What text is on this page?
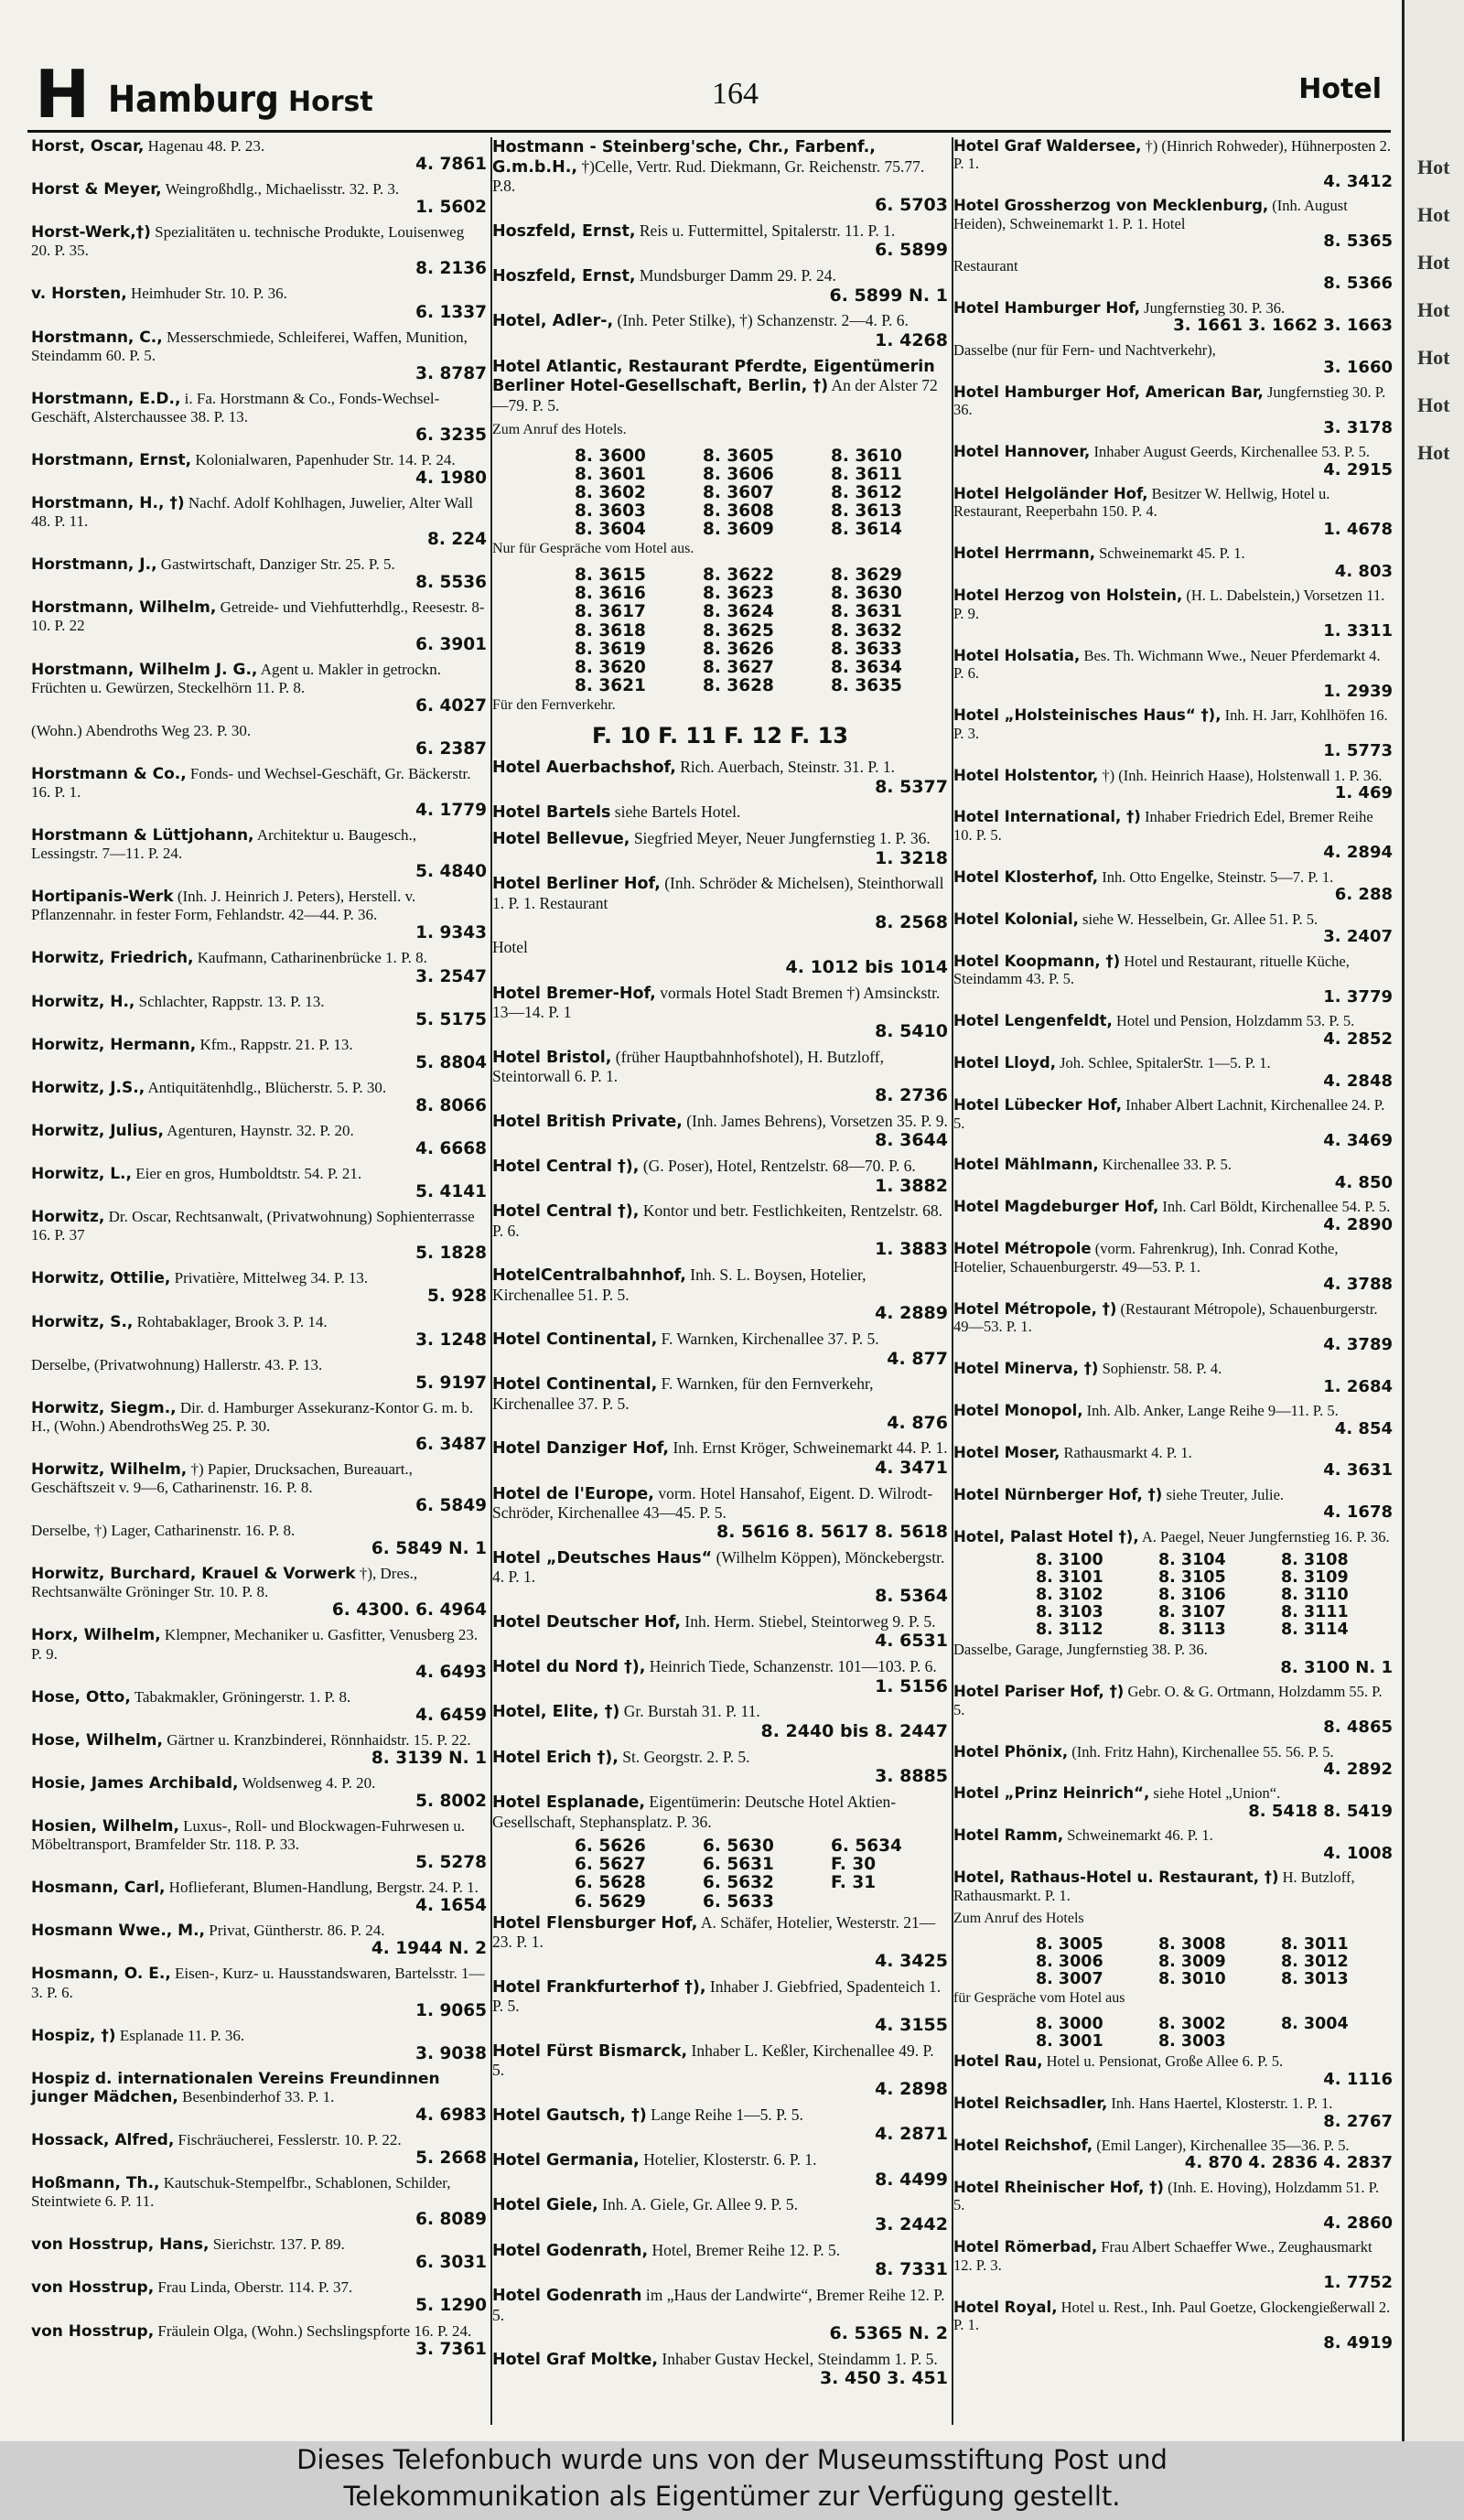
H Hamburg Horst	164	Hotel
Horst, Oscar, Hagenau 48. P. 23.
4. 7861
Horst & Meyer, Weingroßhdlg., Michaelisstr. 32. P. 3.
1. 5602
Horst-Werk,†) Spezialitäten u. technische Produkte, Louisenweg 20. P. 35.
8. 2136
v. Horsten, Heimhuder Str. 10. P. 36.
6. 1337
Horstmann, C., Messerschmiede, Schleiferei, Waffen, Munition, Steindamm 60. P. 5.
3. 8787
Horstmann, E.D., i. Fa. Horstmann & Co., Fonds-Wechsel-Geschäft, Alsterchaussee 38. P. 13.
6. 3235
Horstmann, Ernst, Kolonialwaren, Papenhuder Str. 14. P. 24.
4. 1980
Horstmann, H., †) Nachf. Adolf Kohlhagen, Juwelier, Alter Wall 48. P. 11.
8. 224
Horstmann, J., Gastwirtschaft, Danziger Str. 25. P. 5.
8. 5536
Horstmann, Wilhelm, Getreide- und Viehfutterhdlg., Reesestr. 8-10. P. 22
6. 3901
Horstmann, Wilhelm J. G., Agent u. Makler in getrockn. Früchten u. Gewürzen, Steckelhörn 11. P. 8.
6. 4027
(Wohn.) Abendroths Weg 23. P. 30.
6. 2387
Horstmann & Co., Fonds- und Wechsel-Geschäft, Gr. Bäckerstr. 16. P. 1.
4. 1779
Horstmann & Lüttjohann, Architektur u. Baugesch., Lessingstr. 7—11. P. 24.
5. 4840
Hortipanis-Werk (Inh. J. Heinrich J. Peters), Herstell. v. Pflanzennahr. in fester Form, Fehlandstr. 42—44. P. 36.
1. 9343
Horwitz, Friedrich, Kaufmann, Catharinenbrücke 1. P. 8.
3. 2547
Horwitz, H., Schlachter, Rappstr. 13. P. 13.
5. 5175
Horwitz, Hermann, Kfm., Rappstr. 21. P. 13.
5. 8804
Horwitz, J.S., Antiquitätenhdlg., Blücherstr. 5. P. 30.
8. 8066
Horwitz, Julius, Agenturen, Haynstr. 32. P. 20.
4. 6668
Horwitz, L., Eier en gros, Humboldtstr. 54. P. 21.
5. 4141
Horwitz, Dr. Oscar, Rechtsanwalt, (Privatwohnung) Sophienterrasse 16. P. 37
5. 1828
Horwitz, Ottilie, Privatière, Mittelweg 34. P. 13.
5. 928
Horwitz, S., Rohtabaklager, Brook 3. P. 14.
3. 1248
Derselbe, (Privatwohnung) Hallerstr. 43. P. 13.
5. 9197
Horwitz, Siegm., Dir. d. Hamburger Assekuranz-Kontor G. m. b. H., (Wohn.) AbendrothsWeg 25. P. 30.
6. 3487
Horwitz, Wilhelm, †) Papier, Drucksachen, Bureauart., Geschäftszeit v. 9—6, Catharinenstr. 16. P. 8.
6. 5849
Derselbe, †) Lager, Catharinenstr. 16. P. 8.
6. 5849 N. 1
Horwitz, Burchard, Krauel & Vorwerk †), Dres., Rechtsanwälte Gröninger Str. 10. P. 8.
6. 4300. 6. 4964
Horx, Wilhelm, Klempner, Mechaniker u. Gasfitter, Venusberg 23. P. 9.
4. 6493
Hose, Otto, Tabakmakler, Gröningerstr. 1. P. 8.
4. 6459
Hose, Wilhelm, Gärtner u. Kranzbinderei, Rönnhaidstr. 15. P. 22.
8. 3139 N. 1
Hosie, James Archibald, Woldsenweg 4. P. 20.
5. 8002
Hosien, Wilhelm, Luxus-, Roll- und Blockwagen-Fuhrwesen u. Möbeltransport, Bramfelder Str. 118. P. 33.
5. 5278
Hosmann, Carl, Hoflieferant, Blumen-Handlung, Bergstr. 24. P. 1.
4. 1654
Hosmann Wwe., M., Privat, Güntherstr. 86. P. 24.
4. 1944 N. 2
Hosmann, O. E., Eisen-, Kurz- u. Hausstandswaren, Bartelsstr. 1—3. P. 6.
1. 9065
Hospiz, †) Esplanade 11. P. 36.
3. 9038
Hospiz d. internationalen Vereins Freundinnen junger Mädchen, Besenbinderhof 33. P. 1.
4. 6983
Hossack, Alfred, Fischräucherei, Fesslerstr. 10. P. 22.
5. 2668
Hoßmann, Th., Kautschuk-Stempelfbr., Schablonen, Schilder, Steintwiete 6. P. 11.
6. 8089
von Hosstrup, Hans, Sierichstr. 137. P. 89.
6. 3031
von Hosstrup, Frau Linda, Oberstr. 114. P. 37.
5. 1290
von Hosstrup, Fräulein Olga, (Wohn.) Sechslingspforte 16. P. 24.
3. 7361
Hostmann - Steinberg'sche, Chr., Farbenf., G.m.b.H., †)Celle, Vertr. Rud. Diekmann, Gr. Reichenstr. 75.77. P.8.
6. 5703
Hoszfeld, Ernst, Reis u. Futtermittel, Spitalerstr. 11. P. 1.
6. 5899
Hoszfeld, Ernst, Mundsburger Damm 29. P. 24.
6. 5899 N. 1
Hotel, Adler-, (Inh. Peter Stilke), †) Schanzenstr. 2—4. P. 6.
1. 4268
Hotel Atlantic, Restaurant Pferdte, Eigentümerin Berliner Hotel-Gesellschaft, Berlin, †) An der Alster 72—79. P. 5.
Zum Anruf des Hotels.
8. 3600	8. 3605	8. 3610
8. 3601	8. 3606	8. 3611
8. 3602	8. 3607	8. 3612
8. 3603	8. 3608	8. 3613
8. 3604	8. 3609	8. 3614
Nur für Gespräche vom Hotel aus.
8. 3615	8. 3622	8. 3629
8. 3616	8. 3623	8. 3630
8. 3617	8. 3624	8. 3631
8. 3618	8. 3625	8. 3632
8. 3619	8. 3626	8. 3633
8. 3620	8. 3627	8. 3634
8. 3621	8. 3628	8. 3635
Für den Fernverkehr.
F. 10 F. 11 F. 12 F. 13
Hotel Auerbachshof, Rich. Auerbach, Steinstr. 31. P. 1.
8. 5377
Hotel Bartels siehe Bartels Hotel.
Hotel Bellevue, Siegfried Meyer, Neuer Jungfernstieg 1. P. 36.
1. 3218
Hotel Berliner Hof, (Inh. Schröder & Michelsen), Steinthorwall 1. P. 1. Restaurant
8. 2568
Hotel
4. 1012 bis 1014
Hotel Bremer-Hof, vormals Hotel Stadt Bremen †) Amsinckstr. 13—14. P. 1
8. 5410
Hotel Bristol, (früher Hauptbahnhofshotel), H. Butzloff, Steintorwall 6. P. 1.
8. 2736
Hotel British Private, (Inh. James Behrens), Vorsetzen 35. P. 9.
8. 3644
Hotel Central †), (G. Poser), Hotel, Rentzelstr. 68—70. P. 6.
1. 3882
Hotel Central †), Kontor und betr. Festlichkeiten, Rentzelstr. 68. P. 6.
1. 3883
HotelCentralbahnhof, Inh. S. L. Boysen, Hotelier, Kirchenallee 51. P. 5.
4. 2889
Hotel Continental, F. Warnken, Kirchenallee 37. P. 5.
4. 877
Hotel Continental, F. Warnken, für den Fernverkehr, Kirchenallee 37. P. 5.
4. 876
Hotel Danziger Hof, Inh. Ernst Kröger, Schweinemarkt 44. P. 1.
4. 3471
Hotel de l'Europe, vorm. Hotel Hansahof, Eigent. D. Wilrodt-Schröder, Kirchenallee 43—45. P. 5.
8. 5616 8. 5617 8. 5618
Hotel „Deutsches Haus“ (Wilhelm Köppen), Mönckebergstr. 4. P. 1.
8. 5364
Hotel Deutscher Hof, Inh. Herm. Stiebel, Steintorweg 9. P. 5.
4. 6531
Hotel du Nord †), Heinrich Tiede, Schanzenstr. 101—103. P. 6.
1. 5156
Hotel, Elite, †) Gr. Burstah 31. P. 11.
8. 2440 bis 8. 2447
Hotel Erich †), St. Georgstr. 2. P. 5.
3. 8885
Hotel Esplanade, Eigentümerin: Deutsche Hotel Aktien-Gesellschaft, Stephansplatz. P. 36.
6. 5626	6. 5630	6. 5634
6. 5627	6. 5631	F. 30
6. 5628	6. 5632	F. 31
6. 5629	6. 5633
Hotel Flensburger Hof, A. Schäfer, Hotelier, Westerstr. 21—23. P. 1.
4. 3425
Hotel Frankfurterhof †), Inhaber J. Giebfried, Spadenteich 1. P. 5.
4. 3155
Hotel Fürst Bismarck, Inhaber L. Keßler, Kirchenallee 49. P. 5.
4. 2898
Hotel Gautsch, †) Lange Reihe 1—5. P. 5.
4. 2871
Hotel Germania, Hotelier, Klosterstr. 6. P. 1.
8. 4499
Hotel Giele, Inh. A. Giele, Gr. Allee 9. P. 5.
3. 2442
Hotel Godenrath, Hotel, Bremer Reihe 12. P. 5.
8. 7331
Hotel Godenrath im „Haus der Landwirte“, Bremer Reihe 12. P. 5.
6. 5365 N. 2
Hotel Graf Moltke, Inhaber Gustav Heckel, Steindamm 1. P. 5.
3. 450 3. 451
Hotel Graf Waldersee, †) (Hinrich Rohweder), Hühnerposten 2. P. 1.
4. 3412
Hotel Grossherzog von Mecklenburg, (Inh. August Heiden), Schweinemarkt 1. P. 1. Hotel
8. 5365
Restaurant
8. 5366
Hotel Hamburger Hof, Jungfernstieg 30. P. 36.
3. 1661 3. 1662 3. 1663
Dasselbe (nur für Fern- und Nachtverkehr),
3. 1660
Hotel Hamburger Hof, American Bar, Jungfernstieg 30. P. 36.
3. 3178
Hotel Hannover, Inhaber August Geerds, Kirchenallee 53. P. 5.
4. 2915
Hotel Helgoländer Hof, Besitzer W. Hellwig, Hotel u. Restaurant, Reeperbahn 150. P. 4.
1. 4678
Hotel Herrmann, Schweinemarkt 45. P. 1.
4. 803
Hotel Herzog von Holstein, (H. L. Dabelstein,) Vorsetzen 11. P. 9.
1. 3311
Hotel Holsatia, Bes. Th. Wichmann Wwe., Neuer Pferdemarkt 4. P. 6.
1. 2939
Hotel „Holsteinisches Haus“ †), Inh. H. Jarr, Kohlhöfen 16. P. 3.
1. 5773
Hotel Holstentor, †) (Inh. Heinrich Haase), Holstenwall 1. P. 36.
1. 469
Hotel International, †) Inhaber Friedrich Edel, Bremer Reihe 10. P. 5.
4. 2894
Hotel Klosterhof, Inh. Otto Engelke, Steinstr. 5—7. P. 1.
6. 288
Hotel Kolonial, siehe W. Hesselbein, Gr. Allee 51. P. 5.
3. 2407
Hotel Koopmann, †) Hotel und Restaurant, rituelle Küche, Steindamm 43. P. 5.
1. 3779
Hotel Lengenfeldt, Hotel und Pension, Holzdamm 53. P. 5.
4. 2852
Hotel Lloyd, Joh. Schlee, SpitalerStr. 1—5. P. 1.
4. 2848
Hotel Lübecker Hof, Inhaber Albert Lachnit, Kirchenallee 24. P. 5.
4. 3469
Hotel Mählmann, Kirchenallee 33. P. 5.
4. 850
Hotel Magdeburger Hof, Inh. Carl Böldt, Kirchenallee 54. P. 5.
4. 2890
Hotel Métropole (vorm. Fahrenkrug), Inh. Conrad Kothe, Hotelier, Schauenburgerstr. 49—53. P. 1.
4. 3788
Hotel Métropole, †) (Restaurant Métropole), Schauenburgerstr. 49—53. P. 1.
4. 3789
Hotel Minerva, †) Sophienstr. 58. P. 4.
1. 2684
Hotel Monopol, Inh. Alb. Anker, Lange Reihe 9—11. P. 5.
4. 854
Hotel Moser, Rathausmarkt 4. P. 1.
4. 3631
Hotel Nürnberger Hof, †) siehe Treuter, Julie.
4. 1678
Hotel, Palast Hotel †), A. Paegel, Neuer Jungfernstieg 16. P. 36.
8. 3100	8. 3104	8. 3108
8. 3101	8. 3105	8. 3109
8. 3102	8. 3106	8. 3110
8. 3103	8. 3107	8. 3111
8. 3112	8. 3113	8. 3114
Dasselbe, Garage, Jungfernstieg 38. P. 36.
8. 3100 N. 1
Hotel Pariser Hof, †) Gebr. O. & G. Ortmann, Holzdamm 55. P. 5.
8. 4865
Hotel Phönix, (Inh. Fritz Hahn), Kirchenallee 55. 56. P. 5.
4. 2892
Hotel „Prinz Heinrich“, siehe Hotel „Union“.
8. 5418 8. 5419
Hotel Ramm, Schweinemarkt 46. P. 1.
4. 1008
Hotel, Rathaus-Hotel u. Restaurant, †) H. Butzloff, Rathausmarkt. P. 1.
Zum Anruf des Hotels
8. 3005	8. 3008	8. 3011
8. 3006	8. 3009	8. 3012
8. 3007	8. 3010	8. 3013
für Gespräche vom Hotel aus
8. 3000	8. 3002	8. 3004
8. 3001	8. 3003
Hotel Rau, Hotel u. Pensionat, Große Allee 6. P. 5.
4. 1116
Hotel Reichsadler, Inh. Hans Haertel, Klosterstr. 1. P. 1.
8. 2767
Hotel Reichshof, (Emil Langer), Kirchenallee 35—36. P. 5.
4. 870 4. 2836 4. 2837
Hotel Rheinischer Hof, †) (Inh. E. Hoving), Holzdamm 51. P. 5.
4. 2860
Hotel Römerbad, Frau Albert Schaeffer Wwe., Zeughausmarkt 12. P. 3.
1. 7752
Hotel Royal, Hotel u. Rest., Inh. Paul Goetze, Glockengießerwall 2. P. 1.
8. 4919
Hot
Hot
Hot
Hot
Hot
Hot
Hot
Dieses Telefonbuch wurde uns von der Museumsstiftung Post und
Telekommunikation als Eigentümer zur Verfügung gestellt.
